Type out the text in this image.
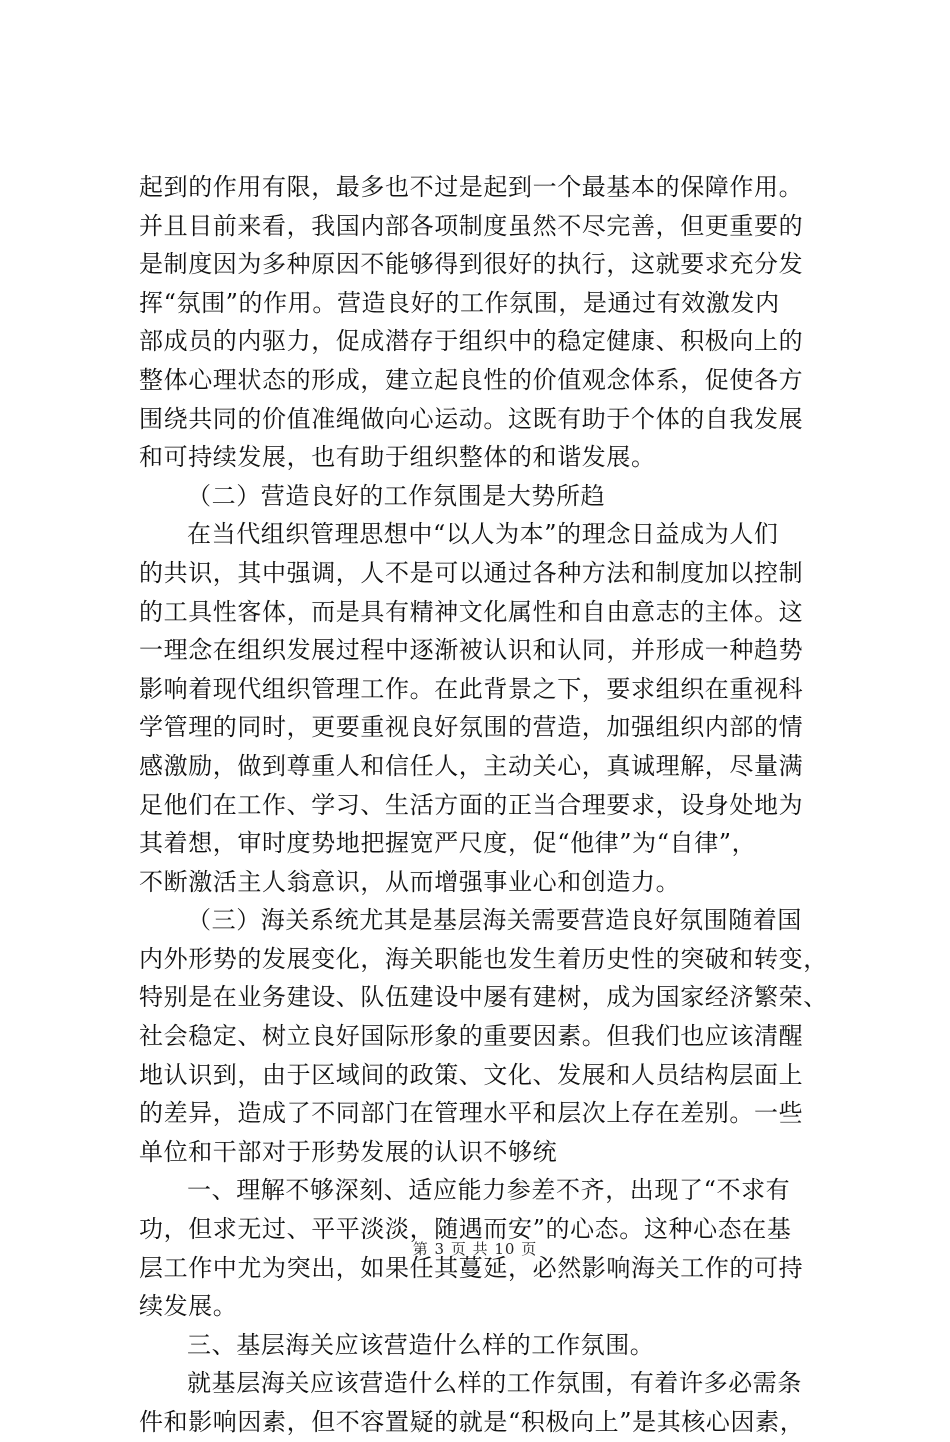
起到的作用有限，最多也不过是起到一个最基本的保障作用。
并且目前来看，我国内部各项制度虽然不尽完善，但更重要的
是制度因为多种原因不能够得到很好的执行，这就要求充分发
挥“氛围”的作用。营造良好的工作氛围，是通过有效激发内
部成员的内驱力，促成潜存于组织中的稳定健康、积极向上的
整体心理状态的形成，建立起良性的价值观念体系，促使各方
围绕共同的价值准绳做向心运动。这既有助于个体的自我发展
和可持续发展，也有助于组织整体的和谐发展。
（二）营造良好的工作氛围是大势所趋
在当代组织管理思想中“以人为本”的理念日益成为人们
的共识，其中强调，人不是可以通过各种方法和制度加以控制
的工具性客体，而是具有精神文化属性和自由意志的主体。这
一理念在组织发展过程中逐渐被认识和认同，并形成一种趋势
影响着现代组织管理工作。在此背景之下，要求组织在重视科
学管理的同时，更要重视良好氛围的营造，加强组织内部的情
感激励，做到尊重人和信任人，主动关心，真诚理解，尽量满
足他们在工作、学习、生活方面的正当合理要求，设身处地为
其着想，审时度势地把握宽严尺度，促“他律”为“自律”，
不断激活主人翁意识，从而增强事业心和创造力。
（三）海关系统尤其是基层海关需要营造良好氛围随着国
内外形势的发展变化，海关职能也发生着历史性的突破和转变，
特别是在业务建设、队伍建设中屡有建树，成为国家经济繁荣、
社会稳定、树立良好国际形象的重要因素。但我们也应该清醒
地认识到，由于区域间的政策、文化、发展和人员结构层面上
的差异，造成了不同部门在管理水平和层次上存在差别。一些
单位和干部对于形势发展的认识不够统
一、理解不够深刻、适应能力参差不齐，出现了“不求有
功，但求无过、平平淡淡，随遇而安”的心态。这种心态在基
层工作中尤为突出，如果任其蔓延，必然影响海关工作的可持
续发展。
三、基层海关应该营造什么样的工作氛围。
就基层海关应该营造什么样的工作氛围，有着许多必需条
件和影响因素，但不容置疑的就是“积极向上”是其核心因素，
第 3 页 共 10 页
